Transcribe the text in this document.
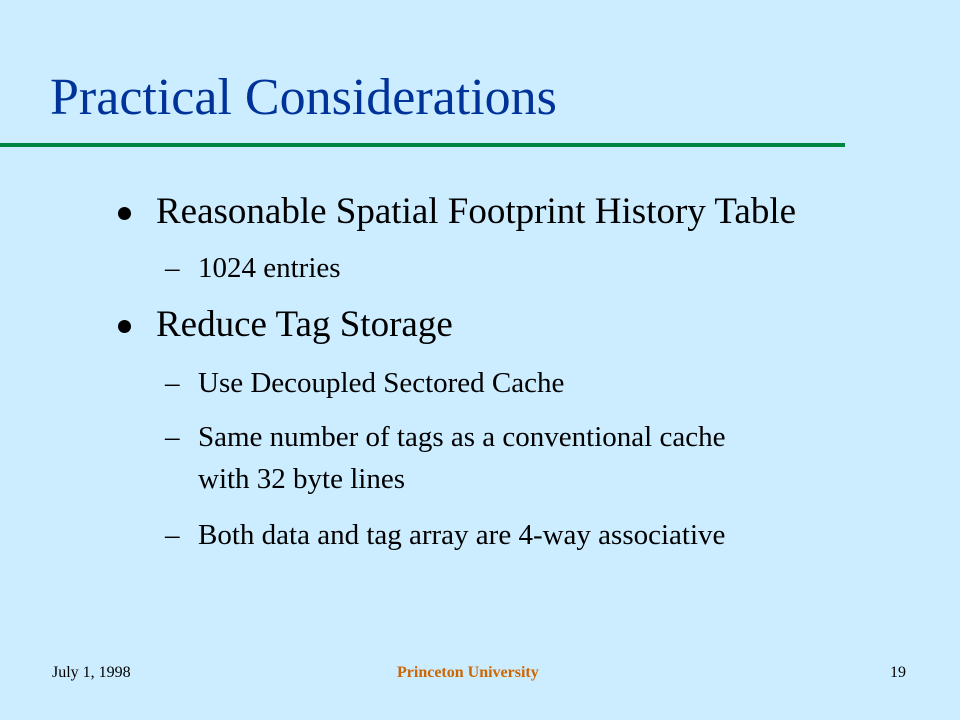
Practical Considerations
Reasonable Spatial Footprint History Table
– 1024 entries
Reduce Tag Storage
– Use Decoupled Sectored Cache
– Same number of tags as a conventional cache
with 32 byte lines
– Both data and tag array are 4-way associative
July 1, 1998	Princeton University	19
